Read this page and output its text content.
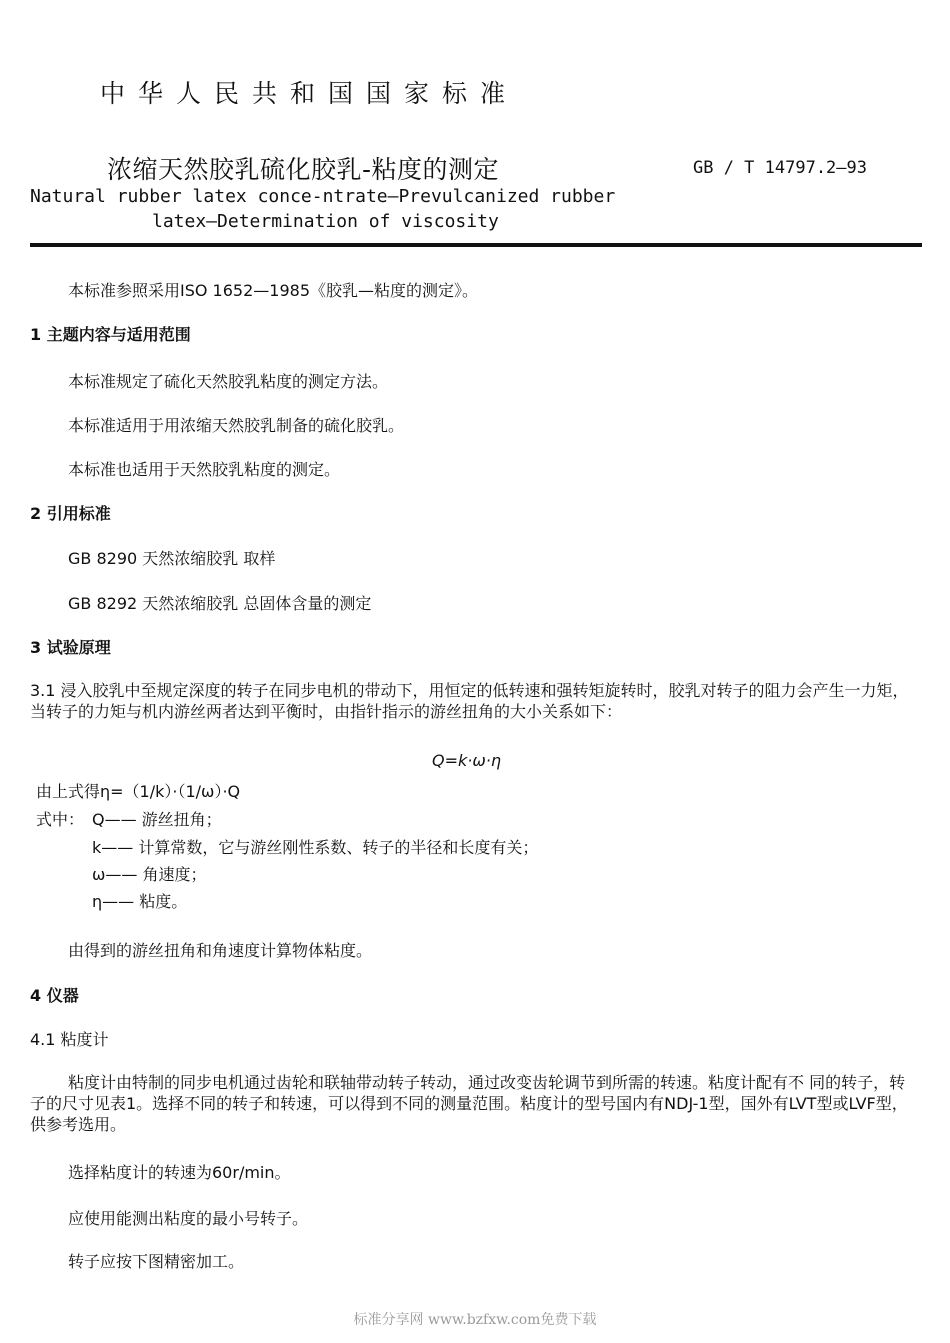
中华人民共和国国家标准
浓缩天然胶乳硫化胶乳-粘度的测定	GB / T 14797.2—93
Natural rubber latex conce-ntrate—Prevulcanized rubber
latex—Determination of viscosity
本标准参照采用ISO 1652—1985《胶乳—粘度的测定》。
1 主题内容与适用范围
本标准规定了硫化天然胶乳粘度的测定方法。
本标准适用于用浓缩天然胶乳制备的硫化胶乳。
本标准也适用于天然胶乳粘度的测定。
2 引用标准
GB 8290 天然浓缩胶乳 取样
GB 8292 天然浓缩胶乳 总固体含量的测定
3 试验原理
3.1 浸入胶乳中至规定深度的转子在同步电机的带动下，用恒定的低转速和强转矩旋转时，胶乳对转子的阻力会产生一力矩，当转子的力矩与机内游丝两者达到平衡时，由指针指示的游丝扭角的大小关系如下：
Q=k·ω·η
由上式得η=（1/k）·（1/ω）·Q
式中： Q—— 游丝扭角；
k—— 计算常数，它与游丝刚性系数、转子的半径和长度有关；
ω—— 角速度；
η—— 粘度。
由得到的游丝扭角和角速度计算物体粘度。
4 仪器
4.1 粘度计
粘度计由特制的同步电机通过齿轮和联轴带动转子转动，通过改变齿轮调节到所需的转速。粘度计配有不 同的转子，转子的尺寸见表1。选择不同的转子和转速，可以得到不同的测量范围。粘度计的型号国内有NDJ-1型，国外有LVT型或LVF型，供参考选用。
选择粘度计的转速为60r/min。
应使用能测出粘度的最小号转子。
转子应按下图精密加工。
标准分享网 www.bzfxw.com免费下载
